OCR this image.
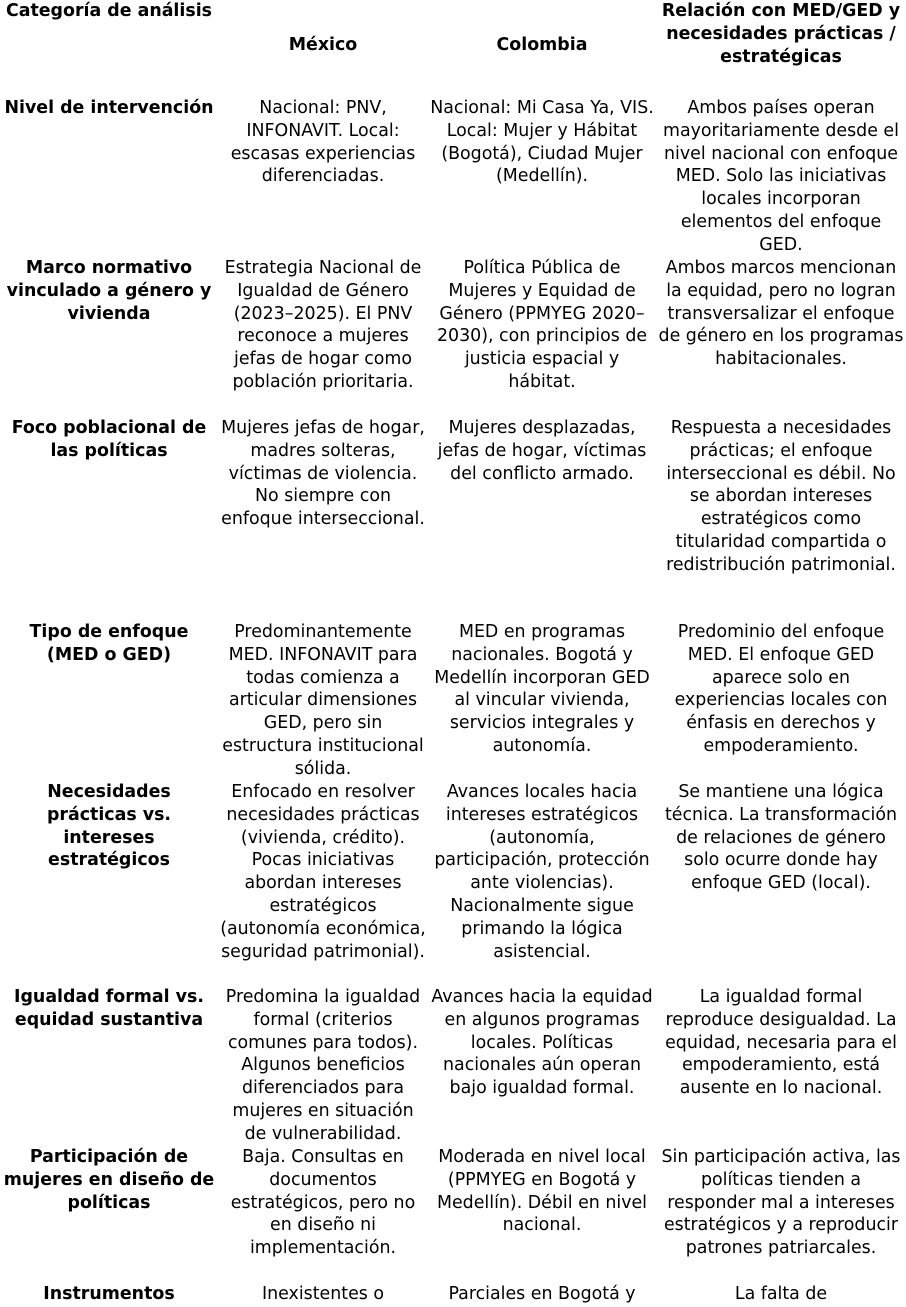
Categoría de análisis	México	Colombia	Relación con MED/GED y necesidades prácticas / estratégicas
Nivel de intervención	Nacional: PNV, INFONAVIT. Local: escasas experiencias diferenciadas.	Nacional: Mi Casa Ya, VIS. Local: Mujer y Hábitat (Bogotá), Ciudad Mujer (Medellín).	Ambos países operan mayoritariamente desde el nivel nacional con enfoque MED. Solo las iniciativas locales incorporan elementos del enfoque GED.
Marco normativo vinculado a género y vivienda	Estrategia Nacional de Igualdad de Género (2023–2025). El PNV reconoce a mujeres jefas de hogar como población prioritaria.	Política Pública de Mujeres y Equidad de Género (PPMYEG 2020–2030), con principios de justicia espacial y hábitat.	Ambos marcos mencionan la equidad, pero no logran transversalizar el enfoque de género en los programas habitacionales.
Foco poblacional de las políticas	Mujeres jefas de hogar, madres solteras, víctimas de violencia. No siempre con enfoque interseccional.	Mujeres desplazadas, jefas de hogar, víctimas del conflicto armado.	Respuesta a necesidades prácticas; el enfoque interseccional es débil. No se abordan intereses estratégicos como titularidad compartida o redistribución patrimonial.
Tipo de enfoque (MED o GED)	Predominantemente MED. INFONAVIT para todas comienza a articular dimensiones GED, pero sin estructura institucional sólida.	MED en programas nacionales. Bogotá y Medellín incorporan GED al vincular vivienda, servicios integrales y autonomía.	Predominio del enfoque MED. El enfoque GED aparece solo en experiencias locales con énfasis en derechos y empoderamiento.
Necesidades prácticas vs. intereses estratégicos	Enfocado en resolver necesidades prácticas (vivienda, crédito). Pocas iniciativas abordan intereses estratégicos (autonomía económica, seguridad patrimonial).	Avances locales hacia intereses estratégicos (autonomía, participación, protección ante violencias). Nacionalmente sigue primando la lógica asistencial.	Se mantiene una lógica técnica. La transformación de relaciones de género solo ocurre donde hay enfoque GED (local).
Igualdad formal vs. equidad sustantiva	Predomina la igualdad formal (criterios comunes para todos). Algunos beneficios diferenciados para mujeres en situación de vulnerabilidad.	Avances hacia la equidad en algunos programas locales. Políticas nacionales aún operan bajo igualdad formal.	La igualdad formal reproduce desigualdad. La equidad, necesaria para el empoderamiento, está ausente en lo nacional.
Participación de mujeres en diseño de políticas	Baja. Consultas en documentos estratégicos, pero no en diseño ni implementación.	Moderada en nivel local (PPMYEG en Bogotá y Medellín). Débil en nivel nacional.	Sin participación activa, las políticas tienden a responder mal a intereses estratégicos y a reproducir patrones patriarcales.
Instrumentos	Inexistentes o	Parciales en Bogotá y	La falta de
